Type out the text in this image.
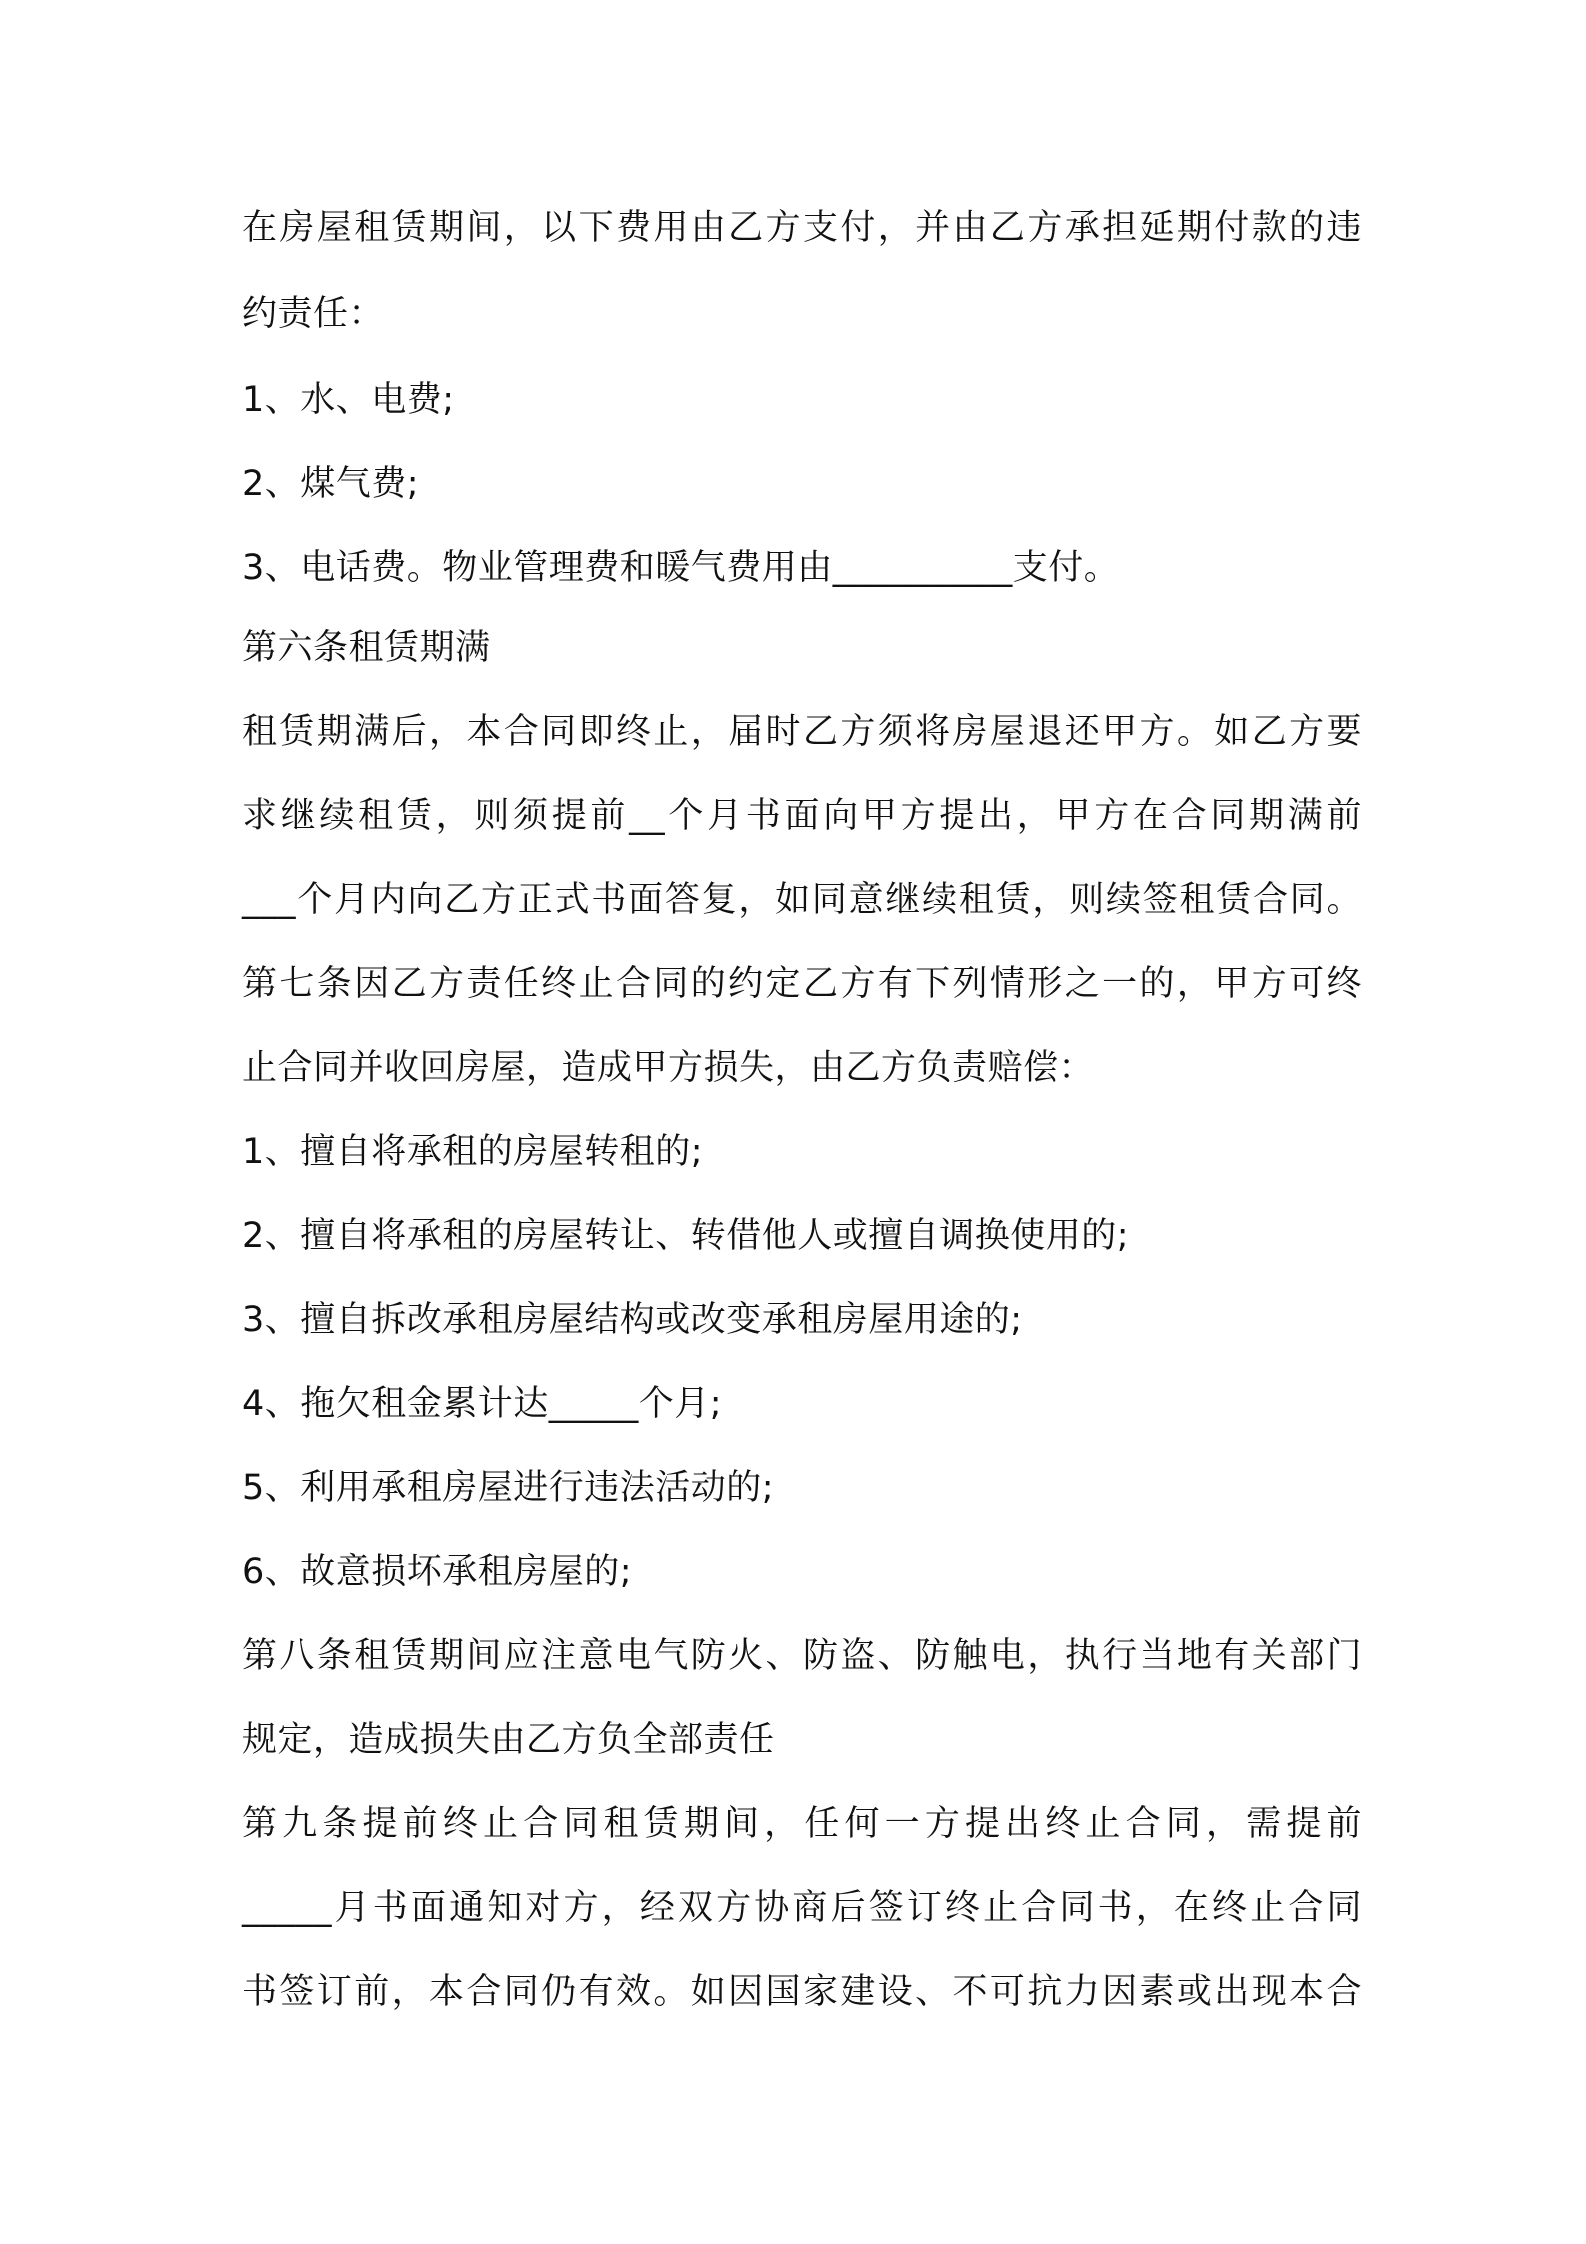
在房屋租赁期间，以下费用由乙方支付，并由乙方承担延期付款的违
约责任：
1、水、电费;
2、煤气费;
3、电话费。物业管理费和暖气费用由__________支付。
第六条租赁期满
租赁期满后，本合同即终止，届时乙方须将房屋退还甲方。如乙方要
求继续租赁，则须提前__个月书面向甲方提出，甲方在合同期满前
___个月内向乙方正式书面答复，如同意继续租赁，则续签租赁合同。
第七条因乙方责任终止合同的约定乙方有下列情形之一的，甲方可终
止合同并收回房屋，造成甲方损失，由乙方负责赔偿：
1、擅自将承租的房屋转租的;
2、擅自将承租的房屋转让、转借他人或擅自调换使用的;
3、擅自拆改承租房屋结构或改变承租房屋用途的;
4、拖欠租金累计达_____个月;
5、利用承租房屋进行违法活动的;
6、故意损坏承租房屋的;
第八条租赁期间应注意电气防火、防盗、防触电，执行当地有关部门
规定，造成损失由乙方负全部责任
第九条提前终止合同租赁期间，任何一方提出终止合同，需提前
_____月书面通知对方，经双方协商后签订终止合同书，在终止合同
书签订前，本合同仍有效。如因国家建设、不可抗力因素或出现本合
